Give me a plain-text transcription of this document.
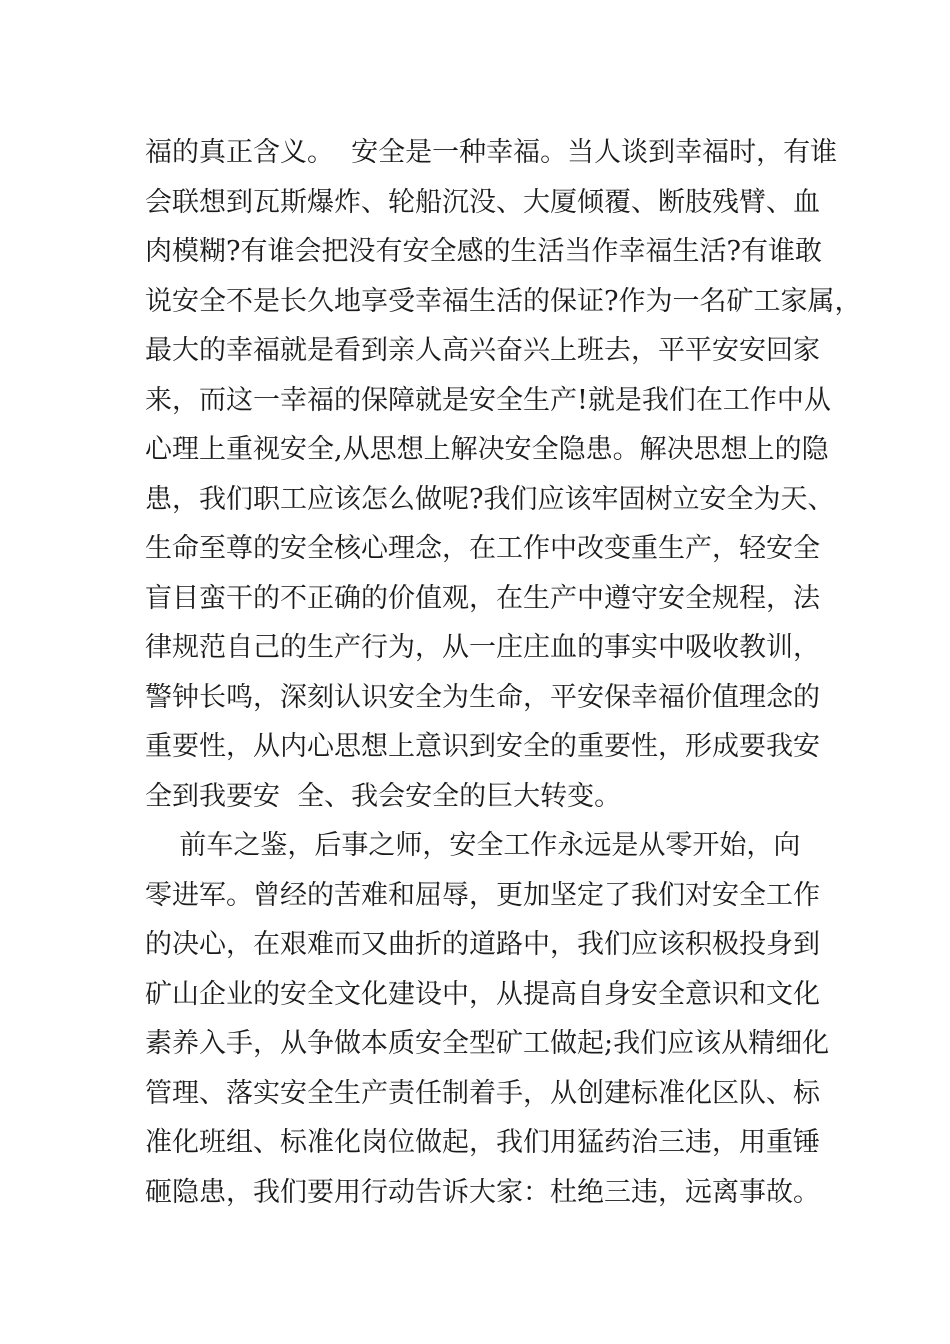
福的真正含义。  安全是一种幸福。当人谈到幸福时，有谁
会联想到瓦斯爆炸、轮船沉没、大厦倾覆、断肢残臂、血
肉模糊?有谁会把没有安全感的生活当作幸福生活?有谁敢
说安全不是长久地享受幸福生活的保证?作为一名矿工家属，
最大的幸福就是看到亲人高兴奋兴上班去，平平安安回家
来，而这一幸福的保障就是安全生产!就是我们在工作中从
心理上重视安全,从思想上解决安全隐患。解决思想上的隐
患，我们职工应该怎么做呢?我们应该牢固树立安全为天、
生命至尊的安全核心理念，在工作中改变重生产，轻安全
盲目蛮干的不正确的价值观，在生产中遵守安全规程，法
律规范自己的生产行为，从一庄庄血的事实中吸收教训，
警钟长鸣，深刻认识安全为生命，平安保幸福价值理念的
重要性，从内心思想上意识到安全的重要性，形成要我安
全到我要安  全、我会安全的巨大转变。
前车之鉴，后事之师，安全工作永远是从零开始，向
零进军。曾经的苦难和屈辱，更加坚定了我们对安全工作
的决心，在艰难而又曲折的道路中，我们应该积极投身到
矿山企业的安全文化建设中，从提高自身安全意识和文化
素养入手，从争做本质安全型矿工做起;我们应该从精细化
管理、落实安全生产责任制着手，从创建标准化区队、标
准化班组、标准化岗位做起，我们用猛药治三违，用重锤
砸隐患，我们要用行动告诉大家：杜绝三违，远离事故。
